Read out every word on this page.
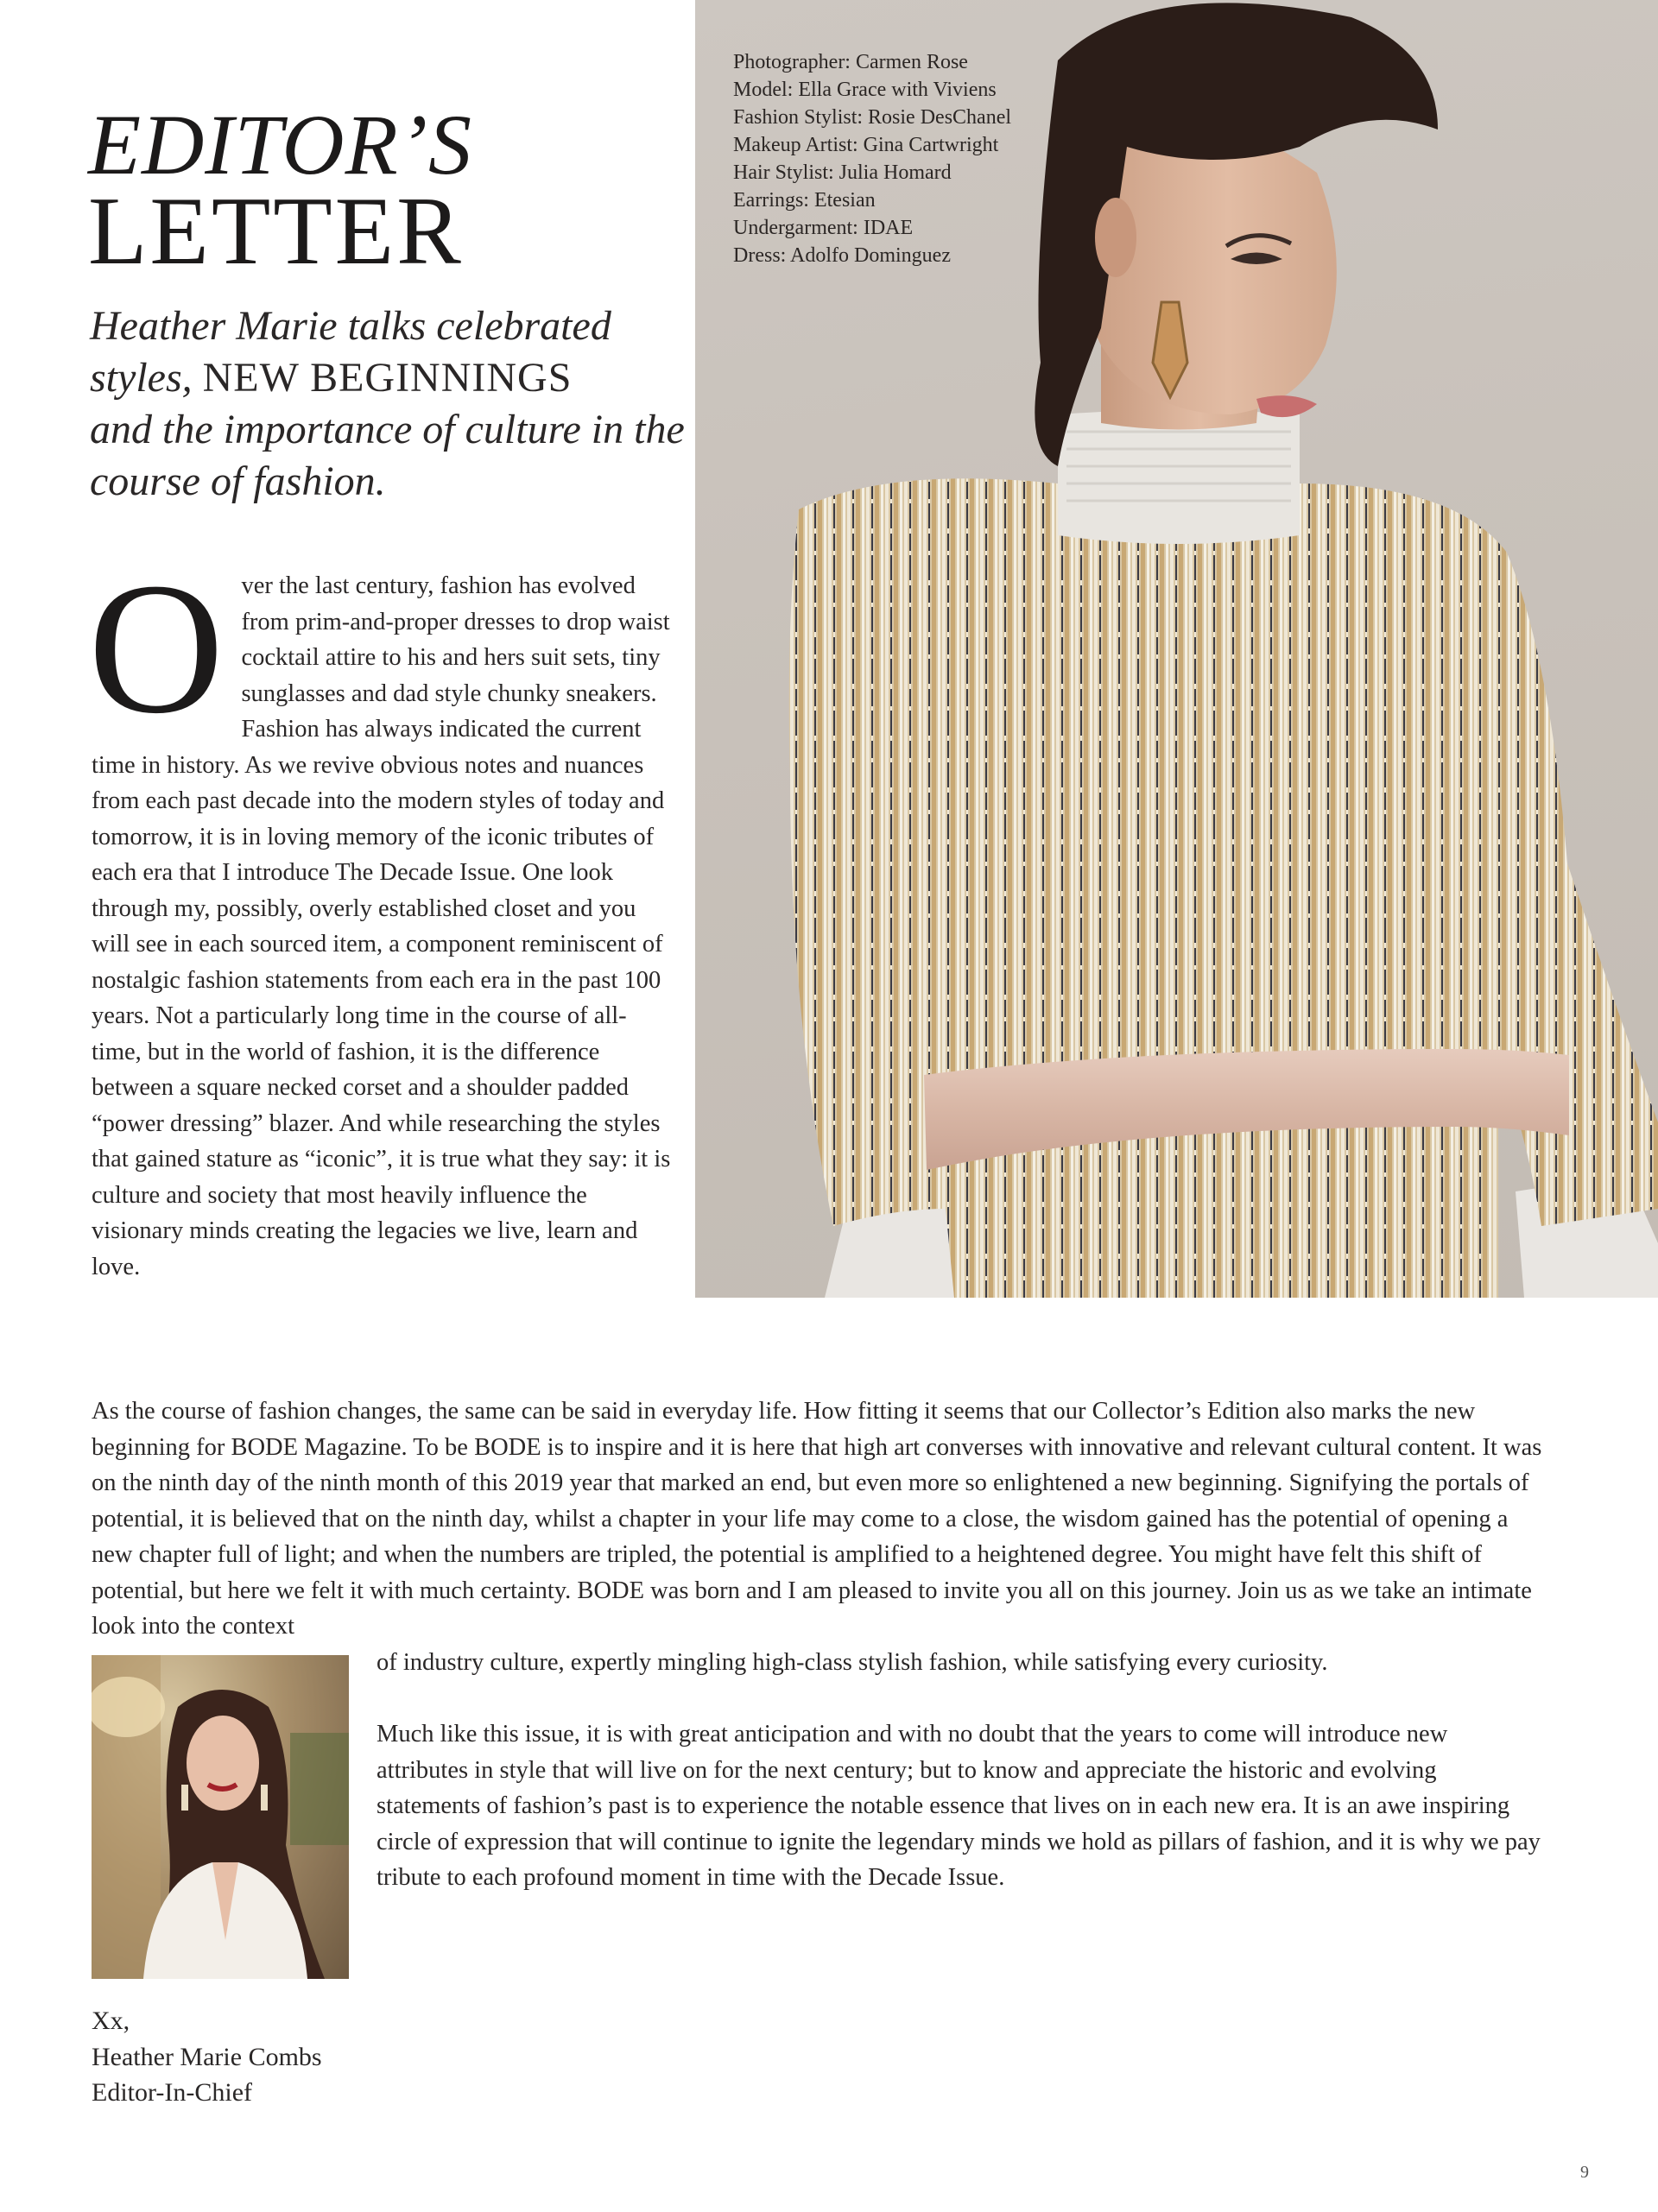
EDITOR’S
LETTER
Heather Marie talks celebrated styles, NEW BEGINNINGS
and the importance of culture in the course of fashion.
Photographer: Carmen Rose
Model: Ella Grace with Viviens
Fashion Stylist: Rosie DesChanel
Makeup Artist: Gina Cartwright
Hair Stylist: Julia Homard
Earrings: Etesian
Undergarment: IDAE
Dress: Adolfo Dominguez

Over the last century, fashion has evolved from prim-and-proper dresses to drop waist cocktail attire to his and hers suit sets, tiny sunglasses and dad style chunky sneakers. Fashion has always indicated the current time in history. As we revive obvious notes and nuances from each past decade into the modern styles of today and tomorrow, it is in loving memory of the iconic tributes of each era that I introduce The Decade Issue. One look through my, possibly, overly established closet and you will see in each sourced item, a component reminiscent of nostalgic fashion statements from each era in the past 100 years. Not a particularly long time in the course of all-time, but in the world of fashion, it is the difference between a square necked corset and a shoulder padded “power dressing” blazer. And while researching the styles that gained stature as “iconic”, it is true what they say: it is culture and society that most heavily influence the visionary minds creating the legacies we live, learn and love.

As the course of fashion changes, the same can be said in everyday life. How fitting it seems that our Collector’s Edition also marks the new beginning for BODE Magazine. To be BODE is to inspire and it is here that high art converses with innovative and relevant cultural content. It was on the ninth day of the ninth month of this 2019 year that marked an end, but even more so enlightened a new beginning. Signifying the portals of potential, it is believed that on the ninth day, whilst a chapter in your life may come to a close, the wisdom gained has the potential of opening a new chapter full of light; and when the numbers are tripled, the potential is amplified to a heightened degree. You might have felt this shift of potential, but here we felt it with much certainty. BODE was born and I am pleased to invite you all on this journey. Join us as we take an intimate look into the context

of industry culture, expertly mingling high-class stylish fashion, while satisfying every curiosity.

Much like this issue, it is with great anticipation and with no doubt that the years to come will introduce new attributes in style that will live on for the next century; but to know and appreciate the historic and evolving statements of fashion’s past is to experience the notable essence that lives on in each new era. It is an awe inspiring circle of expression that will continue to ignite the legendary minds we hold as pillars of fashion, and it is why we pay tribute to each profound moment in time with the Decade Issue.

Xx,
Heather Marie Combs
Editor-In-Chief
9
